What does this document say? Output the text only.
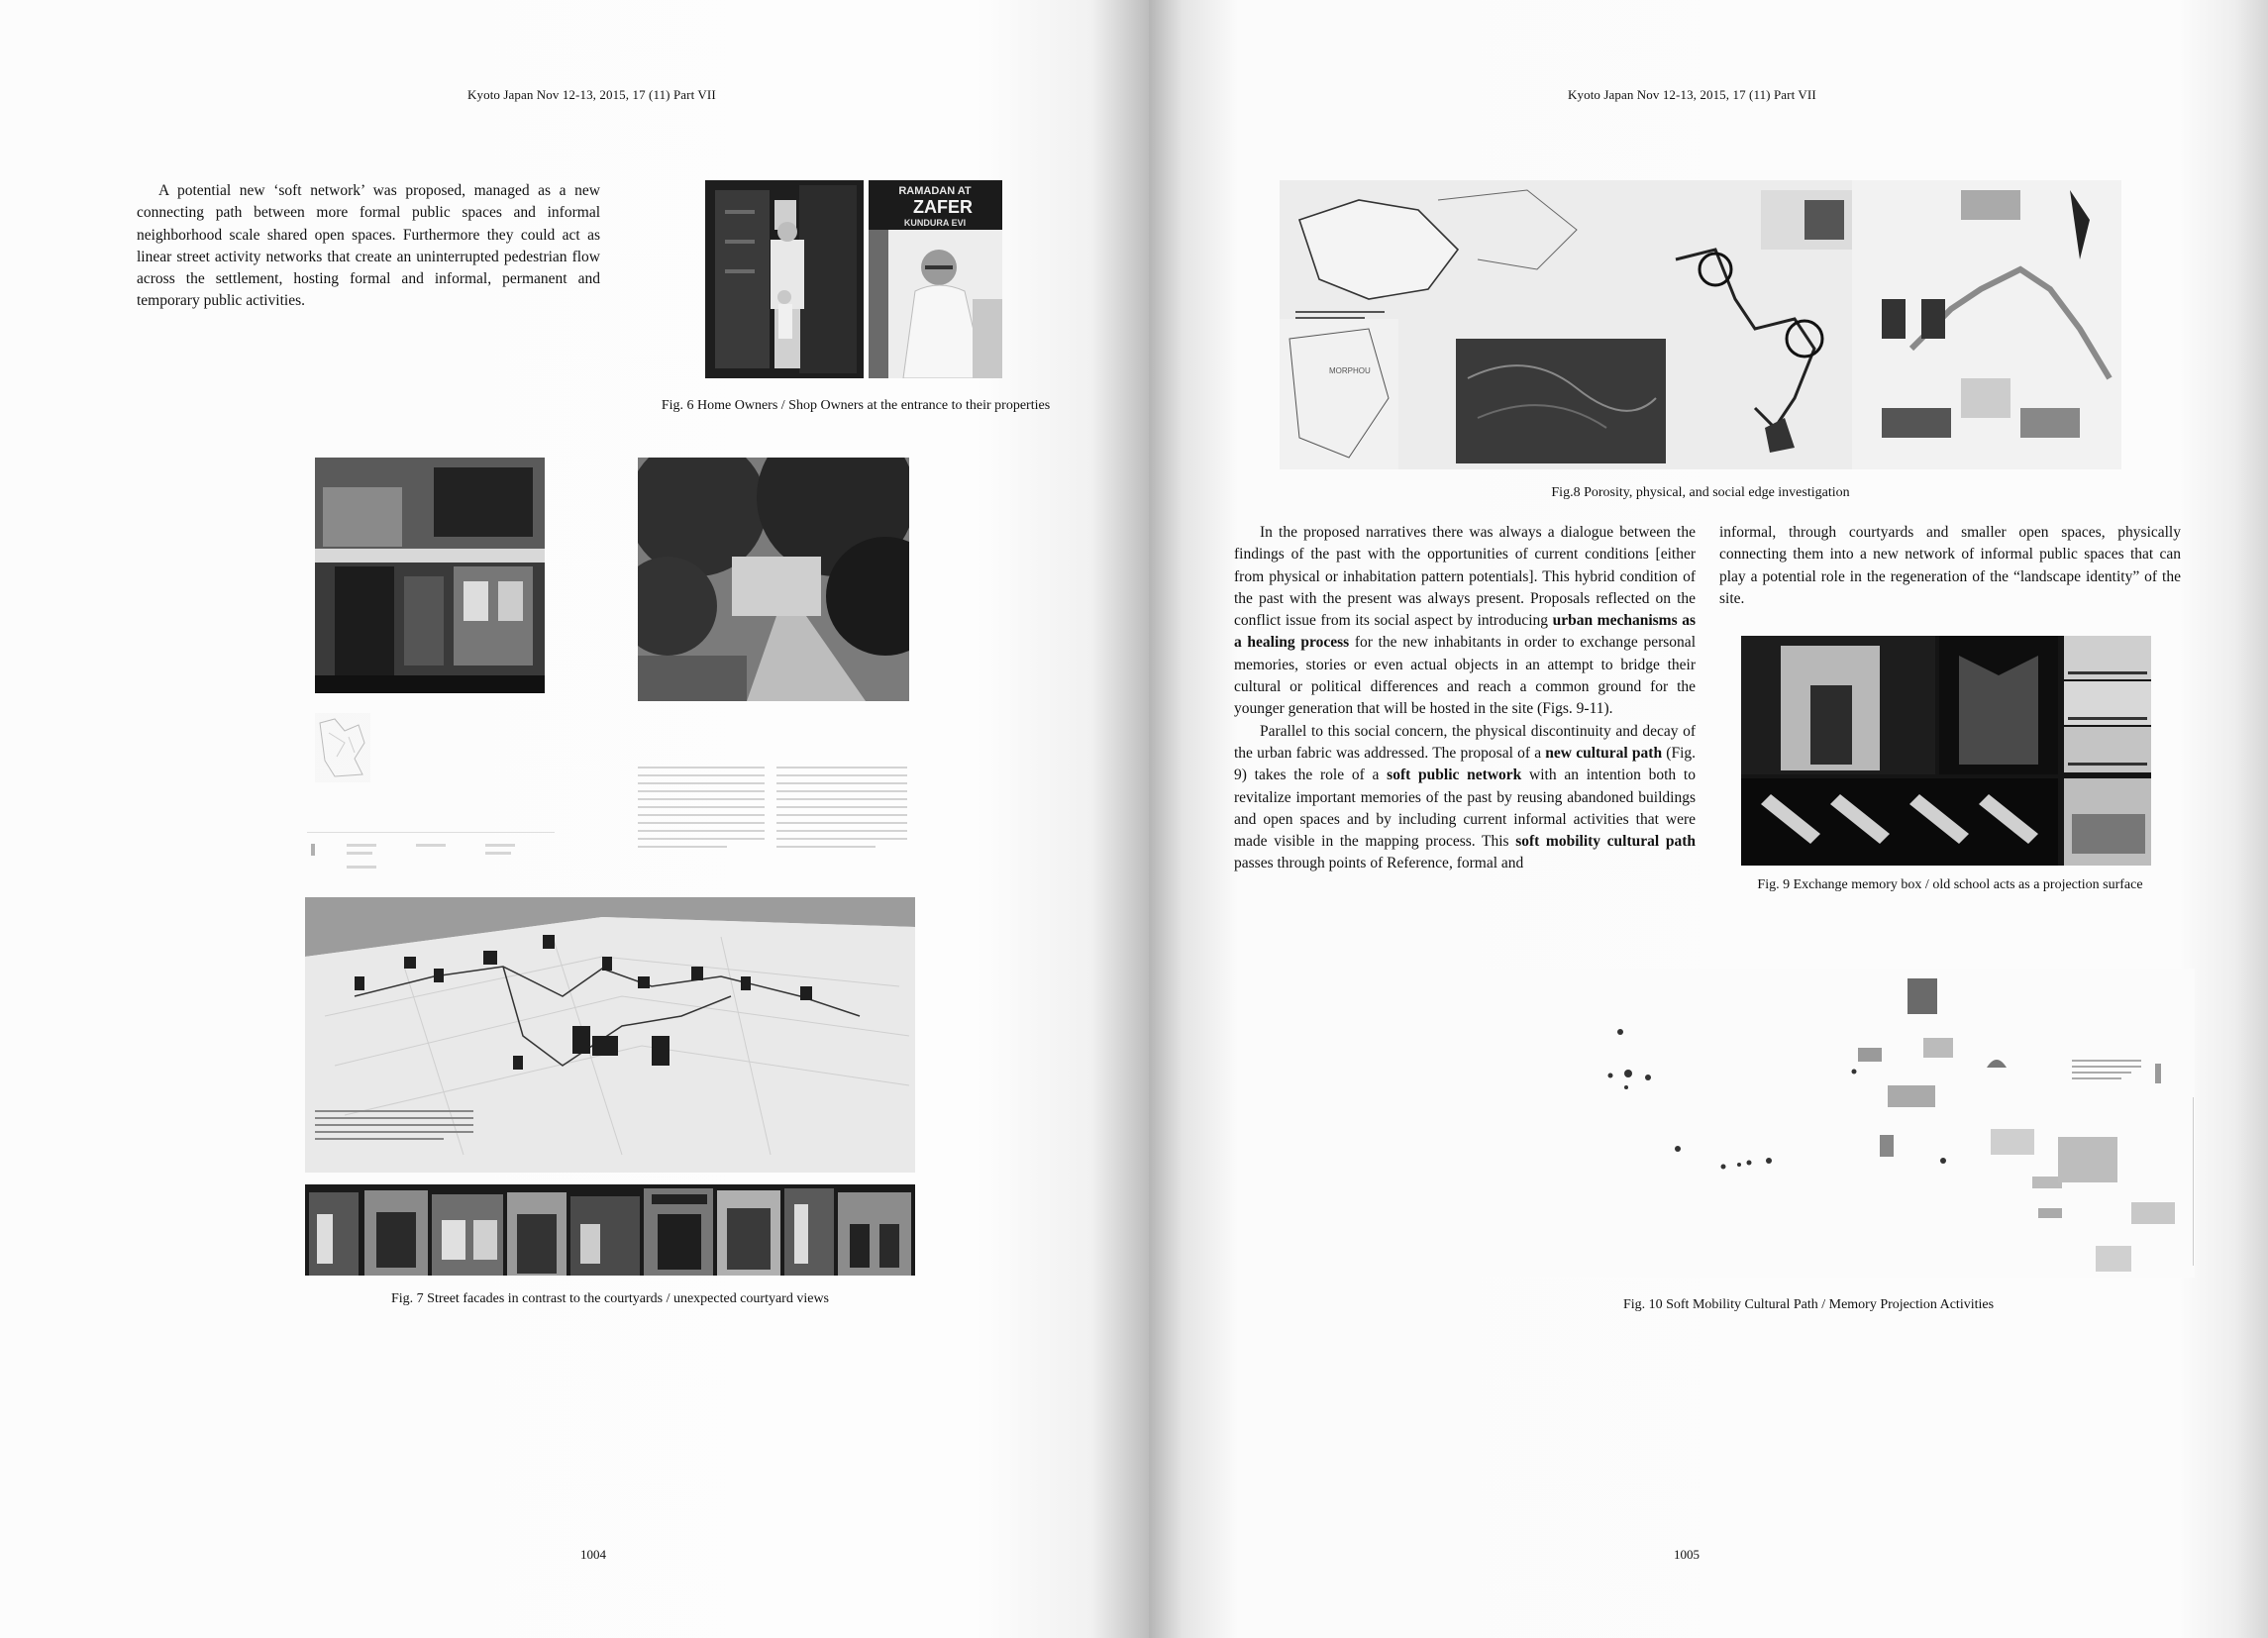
Kyoto Japan Nov 12-13, 2015, 17 (11) Part VII

A potential new ‘soft network’ was proposed, managed as a new connecting path between more formal public spaces and informal neighborhood scale shared open spaces. Furthermore they could act as linear street activity networks that create an uninterrupted pedestrian flow across the settlement, hosting formal and informal, permanent and temporary public activities.

RAMADAN AT
ZAFER
KUNDURA EVI
Fig. 6 Home Owners / Shop Owners at the entrance to their properties
Fig. 7 Street facades in contrast to the courtyards / unexpected courtyard views
1004
Kyoto Japan Nov 12-13, 2015, 17 (11) Part VII
MORPHOU
Fig.8 Porosity, physical, and social edge investigation

In the proposed narratives there was always a dialogue between the findings of the past with the opportunities of current conditions [either from physical or inhabitation pattern potentials]. This hybrid condition of the past with the present was always present. Proposals reflected on the conflict issue from its social aspect by introducing urban mechanisms as a healing process for the new inhabitants in order to exchange personal memories, stories or even actual objects in an attempt to bridge their cultural or political differences and reach a common ground for the younger generation that will be hosted in the site (Figs. 9-11).

Parallel to this social concern, the physical discontinuity and decay of the urban fabric was addressed. The proposal of a new cultural path (Fig. 9) takes the role of a soft public network with an intention both to revitalize important memories of the past by reusing abandoned buildings and open spaces and by including current informal activities that were made visible in the mapping process. This soft mobility cultural path passes through points of Reference, formal and

informal, through courtyards and smaller open spaces, physically connecting them into a new network of informal public spaces that can play a potential role in the regeneration of the “landscape identity” of the site.

Fig. 9 Exchange memory box / old school acts as a projection surface
Fig. 10 Soft Mobility Cultural Path / Memory Projection Activities
1005
